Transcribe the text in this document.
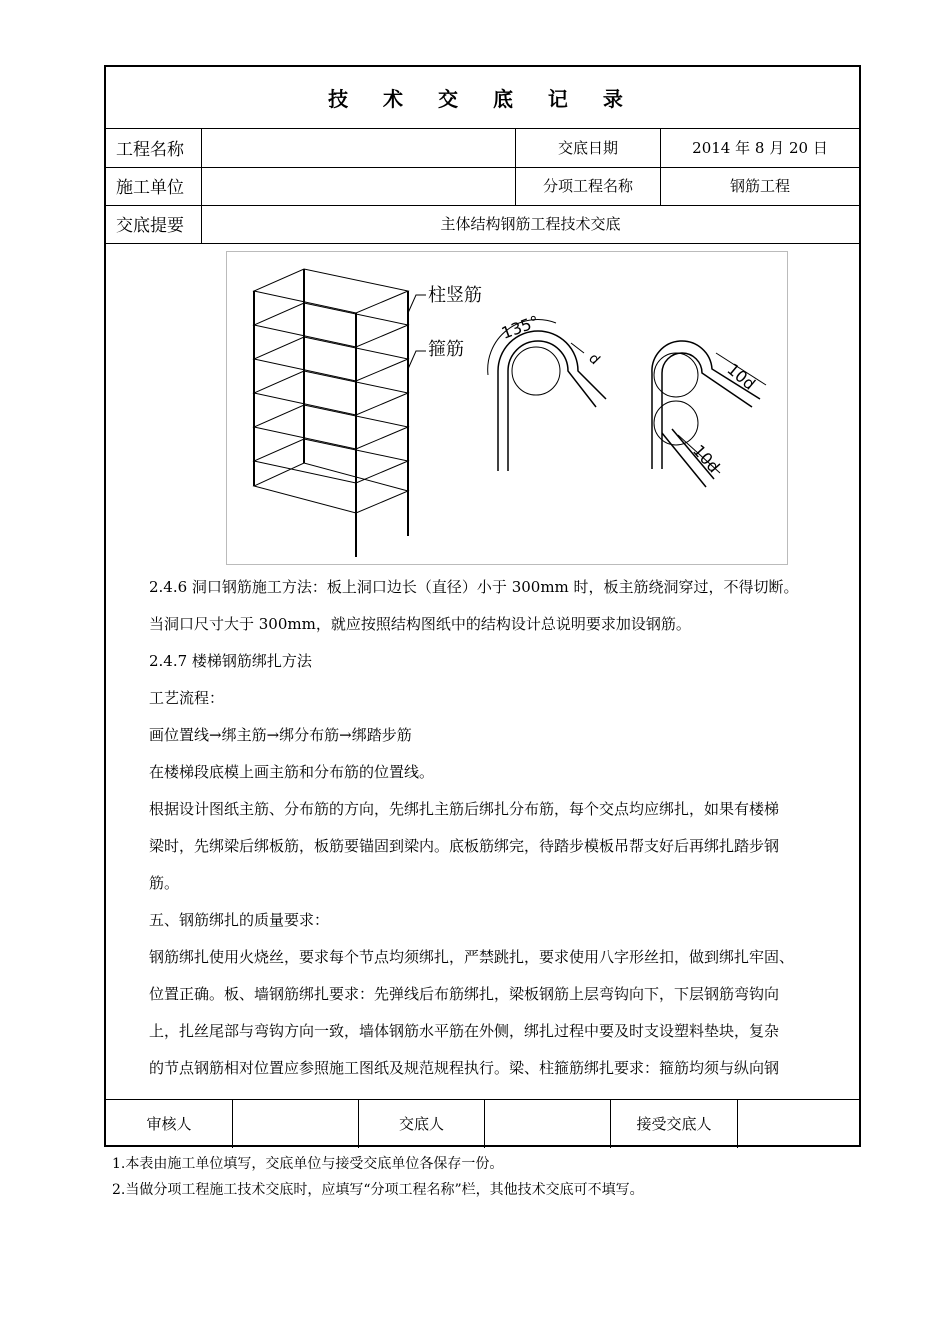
技 术 交 底 记 录
工程名称	交底日期	2014 年 8 月 20 日
施工单位	分项工程名称	钢筋工程
交底提要	主体结构钢筋工程技术交底
柱竖筋
箍筋
135°
d
10d
10d
2.4.6 洞口钢筋施工方法：板上洞口边长（直径）小于 300mm 时，板主筋绕洞穿过，不得切断。
当洞口尺寸大于 300mm，就应按照结构图纸中的结构设计总说明要求加设钢筋。
2.4.7 楼梯钢筋绑扎方法
工艺流程：
画位置线→绑主筋→绑分布筋→绑踏步筋
在楼梯段底模上画主筋和分布筋的位置线。
根据设计图纸主筋、分布筋的方向，先绑扎主筋后绑扎分布筋，每个交点均应绑扎，如果有楼梯
梁时，先绑梁后绑板筋，板筋要锚固到梁内。底板筋绑完，待踏步模板吊帮支好后再绑扎踏步钢
筋。
五、钢筋绑扎的质量要求：
钢筋绑扎使用火烧丝，要求每个节点均须绑扎，严禁跳扎，要求使用八字形丝扣，做到绑扎牢固、
位置正确。板、墙钢筋绑扎要求：先弹线后布筋绑扎，梁板钢筋上层弯钩向下，下层钢筋弯钩向
上，扎丝尾部与弯钩方向一致，墙体钢筋水平筋在外侧，绑扎过程中要及时支设塑料垫块，复杂
的节点钢筋相对位置应参照施工图纸及规范规程执行。梁、柱箍筋绑扎要求：箍筋均须与纵向钢
审核人	交底人	接受交底人
1.本表由施工单位填写，交底单位与接受交底单位各保存一份。
2.当做分项工程施工技术交底时，应填写“分项工程名称”栏，其他技术交底可不填写。
